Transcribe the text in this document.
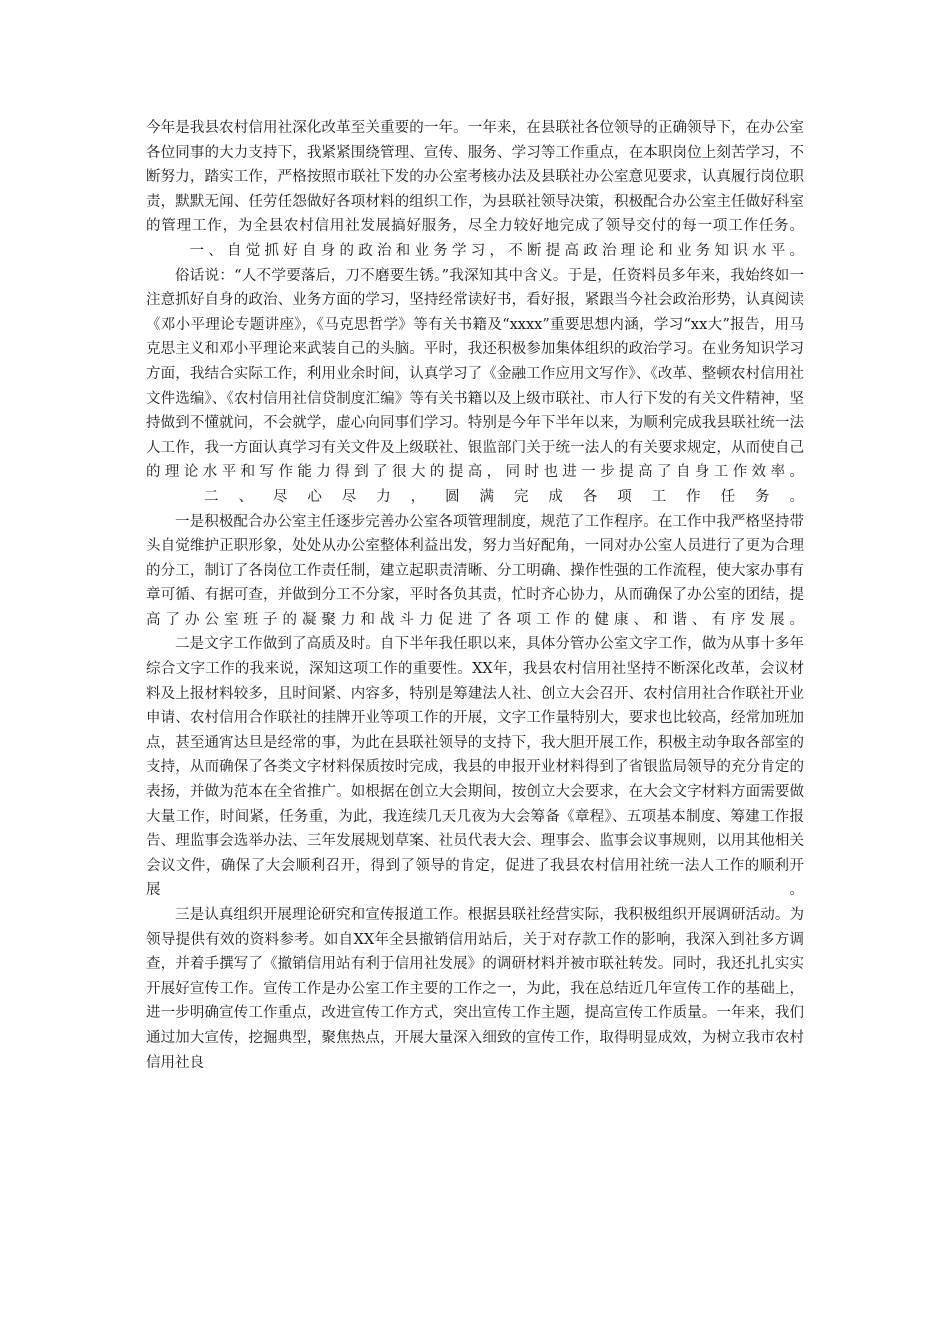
今年是我县农村信用社深化改革至关重要的一年。一年来，在县联社各位领导的正确领导下，在办公室各位同事的大力支持下，我紧紧围绕管理、宣传、服务、学习等工作重点，在本职岗位上刻苦学习，不断努力，踏实工作，严格按照市联社下发的办公室考核办法及县联社办公室意见要求，认真履行岗位职责，默默无闻、任劳任怨做好各项材料的组织工作，为县联社领导决策，积极配合办公室主任做好科室的管理工作，为全县农村信用社发展搞好服务，尽全力较好地完成了领导交付的每一项工作任务。

一、自觉抓好自身的政治和业务学习，不断提高政治理论和业务知识水平。

俗话说：“人不学要落后，刀不磨要生锈。”我深知其中含义。于是，任资料员多年来，我始终如一注意抓好自身的政治、业务方面的学习，坚持经常读好书，看好报，紧跟当今社会政治形势，认真阅读《邓小平理论专题讲座》，《马克思哲学》等有关书籍及“xxxx”重要思想内涵，学习“xx大”报告，用马克思主义和邓小平理论来武装自己的头脑。平时，我还积极参加集体组织的政治学习。在业务知识学习方面，我结合实际工作，利用业余时间，认真学习了《金融工作应用文写作》、《改革、整顿农村信用社文件选编》、《农村信用社信贷制度汇编》等有关书籍以及上级市联社、市人行下发的有关文件精神，坚持做到不懂就问，不会就学，虚心向同事们学习。特别是今年下半年以来，为顺利完成我县联社统一法人工作，我一方面认真学习有关文件及上级联社、银监部门关于统一法人的有关要求规定，从而使自己的理论水平和写作能力得到了很大的提高，同时也进一步提高了自身工作效率。

二、尽心尽力，圆满完成各项工作任务。

一是积极配合办公室主任逐步完善办公室各项管理制度，规范了工作程序。在工作中我严格坚持带头自觉维护正职形象，处处从办公室整体利益出发，努力当好配角，一同对办公室人员进行了更为合理的分工，制订了各岗位工作责任制，建立起职责清晰、分工明确、操作性强的工作流程，使大家办事有章可循、有据可查，并做到分工不分家，平时各负其责，忙时齐心协力，从而确保了办公室的团结，提高了办公室班子的凝聚力和战斗力促进了各项工作的健康、和谐、有序发展。

二是文字工作做到了高质及时。自下半年我任职以来，具体分管办公室文字工作，做为从事十多年综合文字工作的我来说，深知这项工作的重要性。XX年，我县农村信用社坚持不断深化改革，会议材料及上报材料较多，且时间紧、内容多，特别是筹建法人社、创立大会召开、农村信用社合作联社开业申请、农村信用合作联社的挂牌开业等项工作的开展，文字工作量特别大，要求也比较高，经常加班加点，甚至通宵达旦是经常的事，为此在县联社领导的支持下，我大胆开展工作，积极主动争取各部室的支持，从而确保了各类文字材料保质按时完成，我县的申报开业材料得到了省银监局领导的充分肯定的表扬，并做为范本在全省推广。如根据在创立大会期间，按创立大会要求，在大会文字材料方面需要做大量工作，时间紧，任务重，为此，我连续几天几夜为大会筹备《章程》、五项基本制度、筹建工作报告、理监事会选举办法、三年发展规划草案、社员代表大会、理事会、监事会议事规则，以用其他相关会议文件，确保了大会顺利召开，得到了领导的肯定，促进了我县农村信用社统一法人工作的顺利开展。

三是认真组织开展理论研究和宣传报道工作。根据县联社经营实际，我积极组织开展调研活动。为领导提供有效的资料参考。如自XX年全县撤销信用站后，关于对存款工作的影响，我深入到社多方调查，并着手撰写了《撤销信用站有利于信用社发展》的调研材料并被市联社转发。同时，我还扎扎实实开展好宣传工作。宣传工作是办公室工作主要的工作之一，为此，我在总结近几年宣传工作的基础上，进一步明确宣传工作重点，改进宣传工作方式，突出宣传工作主题，提高宣传工作质量。一年来，我们通过加大宣传，挖掘典型，聚焦热点，开展大量深入细致的宣传工作，取得明显成效，为树立我市农村信用社良
